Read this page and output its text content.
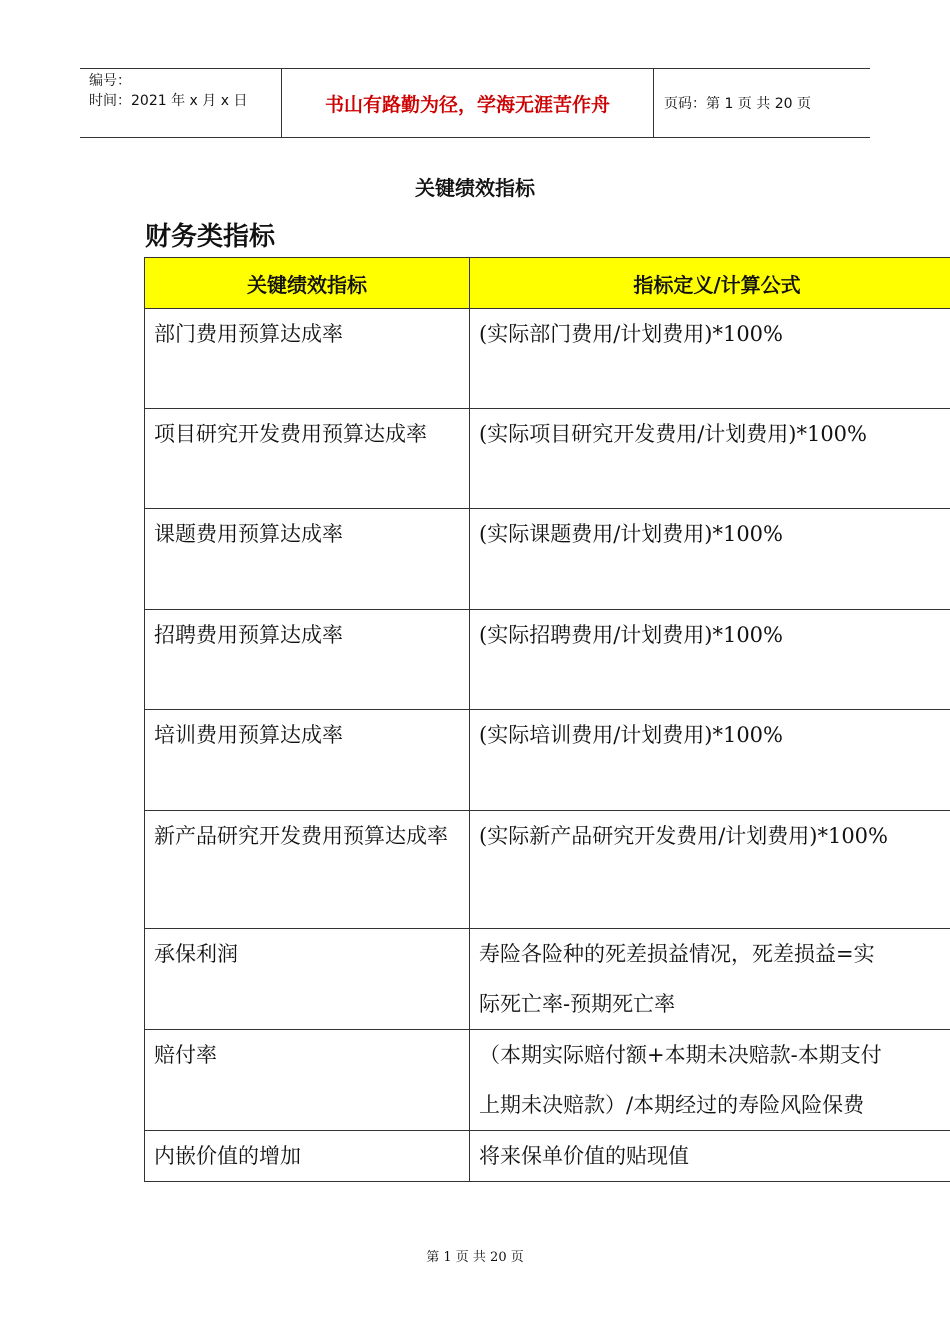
编号：
时间：2021 年 x 月 x 日	书山有路勤为径，学海无涯苦作舟	页码：第 1 页 共 20 页
关键绩效指标
财务类指标
关键绩效指标	指标定义/计算公式
部门费用预算达成率	(实际部门费用/计划费用)*100%
项目研究开发费用预算达成率	(实际项目研究开发费用/计划费用)*100%
课题费用预算达成率	(实际课题费用/计划费用)*100%
招聘费用预算达成率	(实际招聘费用/计划费用)*100%
培训费用预算达成率	(实际培训费用/计划费用)*100%
新产品研究开发费用预算达成率	(实际新产品研究开发费用/计划费用)*100%
承保利润	寿险各险种的死差损益情况，死差损益=实
际死亡率-预期死亡率

赔付率	（本期实际赔付额+本期未决赔款-本期支付
上期未决赔款）/本期经过的寿险风险保费

内嵌价值的增加	将来保单价值的贴现值
第 1 页 共 20 页
